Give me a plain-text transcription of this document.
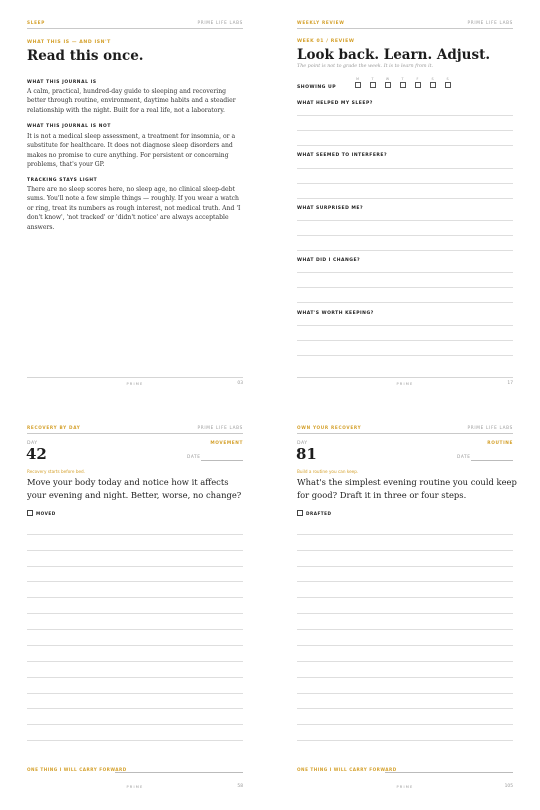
SLEEP	PRIME LIFE LABS
WHAT THIS IS — AND ISN'T
Read this once.
WHAT THIS JOURNAL IS
A calm, practical, hundred-day guide to sleeping and recovering better through routine, environment, daytime habits and a steadier relationship with the night. Built for a real life, not a laboratory.
WHAT THIS JOURNAL IS NOT
It is not a medical sleep assessment, a treatment for insomnia, or a substitute for healthcare. It does not diagnose sleep disorders and makes no promise to cure anything. For persistent or concerning problems, that's your GP.
TRACKING STAYS LIGHT
There are no sleep scores here, no sleep age, no clinical sleep-debt sums. You'll note a few simple things — roughly. If you wear a watch or ring, treat its numbers as rough interest, not medical truth. And 'I don't know', 'not tracked' or 'didn't notice' are always acceptable answers.
PRIME	03
WEEKLY REVIEW	PRIME LIFE LABS
WEEK 01 / REVIEW
Look back. Learn. Adjust.
The point is not to grade the week. It is to learn from it.
SHOWING UP
M	T	W	T	F	S	S
WHAT HELPED MY SLEEP?
WHAT SEEMED TO INTERFERE?
WHAT SURPRISED ME?
WHAT DID I CHANGE?
WHAT'S WORTH KEEPING?
PRIME	17
RECOVERY BY DAY	PRIME LIFE LABS
DAY
42
MOVEMENT
DATE
Recovery starts before bed.
Move your body today and notice how it affects your evening and night. Better, worse, no change?
MOVED
ONE THING I WILL CARRY FORWARD
PRIME	58
OWN YOUR RECOVERY	PRIME LIFE LABS
DAY
81
ROUTINE
DATE
Build a routine you can keep.
What's the simplest evening routine you could keep for good? Draft it in three or four steps.
DRAFTED
ONE THING I WILL CARRY FORWARD
PRIME	105
